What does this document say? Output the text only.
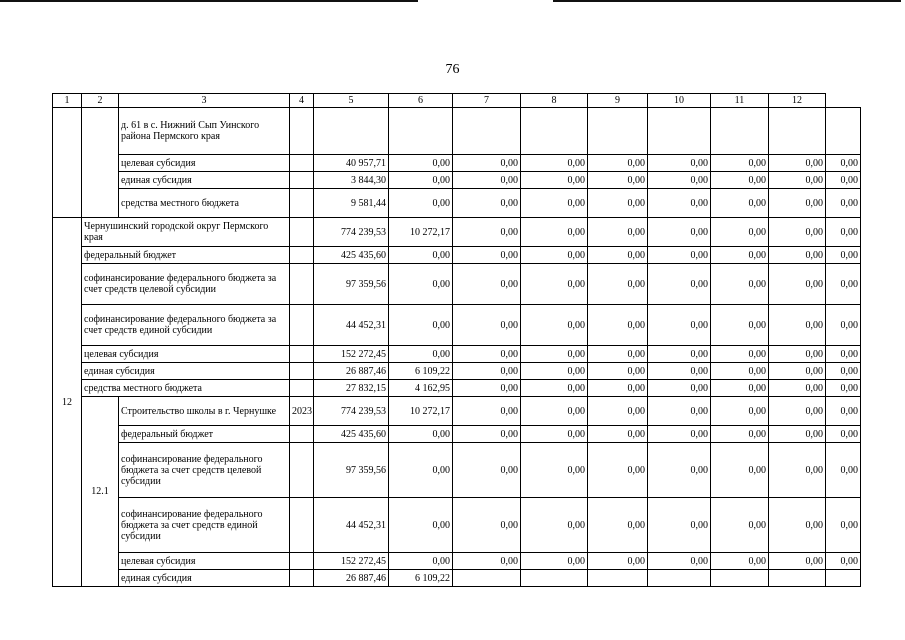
76
1	2	3	4	5	6	7	8	9	10	11	12	
		д. 61 в с. Нижний Сып Уинского района Пермского края										
		целевая субсидия		40 957,71	0,00	0,00	0,00	0,00	0,00	0,00	0,00	0,00
		единая субсидия		3 844,30	0,00	0,00	0,00	0,00	0,00	0,00	0,00	0,00
		средства местного бюджета		9 581,44	0,00	0,00	0,00	0,00	0,00	0,00	0,00	0,00
12	Чернушинский городской округ Пермского края			774 239,53	10 272,17	0,00	0,00	0,00	0,00	0,00	0,00	0,00
	федеральный бюджет			425 435,60	0,00	0,00	0,00	0,00	0,00	0,00	0,00	0,00
	софинансирование федерального бюджета за счет средств целевой субсидии			97 359,56	0,00	0,00	0,00	0,00	0,00	0,00	0,00	0,00
	софинансирование федерального бюджета за счет средств единой субсидии			44 452,31	0,00	0,00	0,00	0,00	0,00	0,00	0,00	0,00
	целевая субсидия			152 272,45	0,00	0,00	0,00	0,00	0,00	0,00	0,00	0,00
	единая субсидия			26 887,46	6 109,22	0,00	0,00	0,00	0,00	0,00	0,00	0,00
	средства местного бюджета			27 832,15	4 162,95	0,00	0,00	0,00	0,00	0,00	0,00	0,00
	12.1	Строительство школы в г. Чернушке	2023	774 239,53	10 272,17	0,00	0,00	0,00	0,00	0,00	0,00	0,00
		федеральный бюджет		425 435,60	0,00	0,00	0,00	0,00	0,00	0,00	0,00	0,00
		софинансирование федерального бюджета за счет средств целевой субсидии		97 359,56	0,00	0,00	0,00	0,00	0,00	0,00	0,00	0,00
		софинансирование федерального бюджета за счет средств единой субсидии		44 452,31	0,00	0,00	0,00	0,00	0,00	0,00	0,00	0,00
		целевая субсидия		152 272,45	0,00	0,00	0,00	0,00	0,00	0,00	0,00	0,00
		единая субсидия		26 887,46	6 109,22							
